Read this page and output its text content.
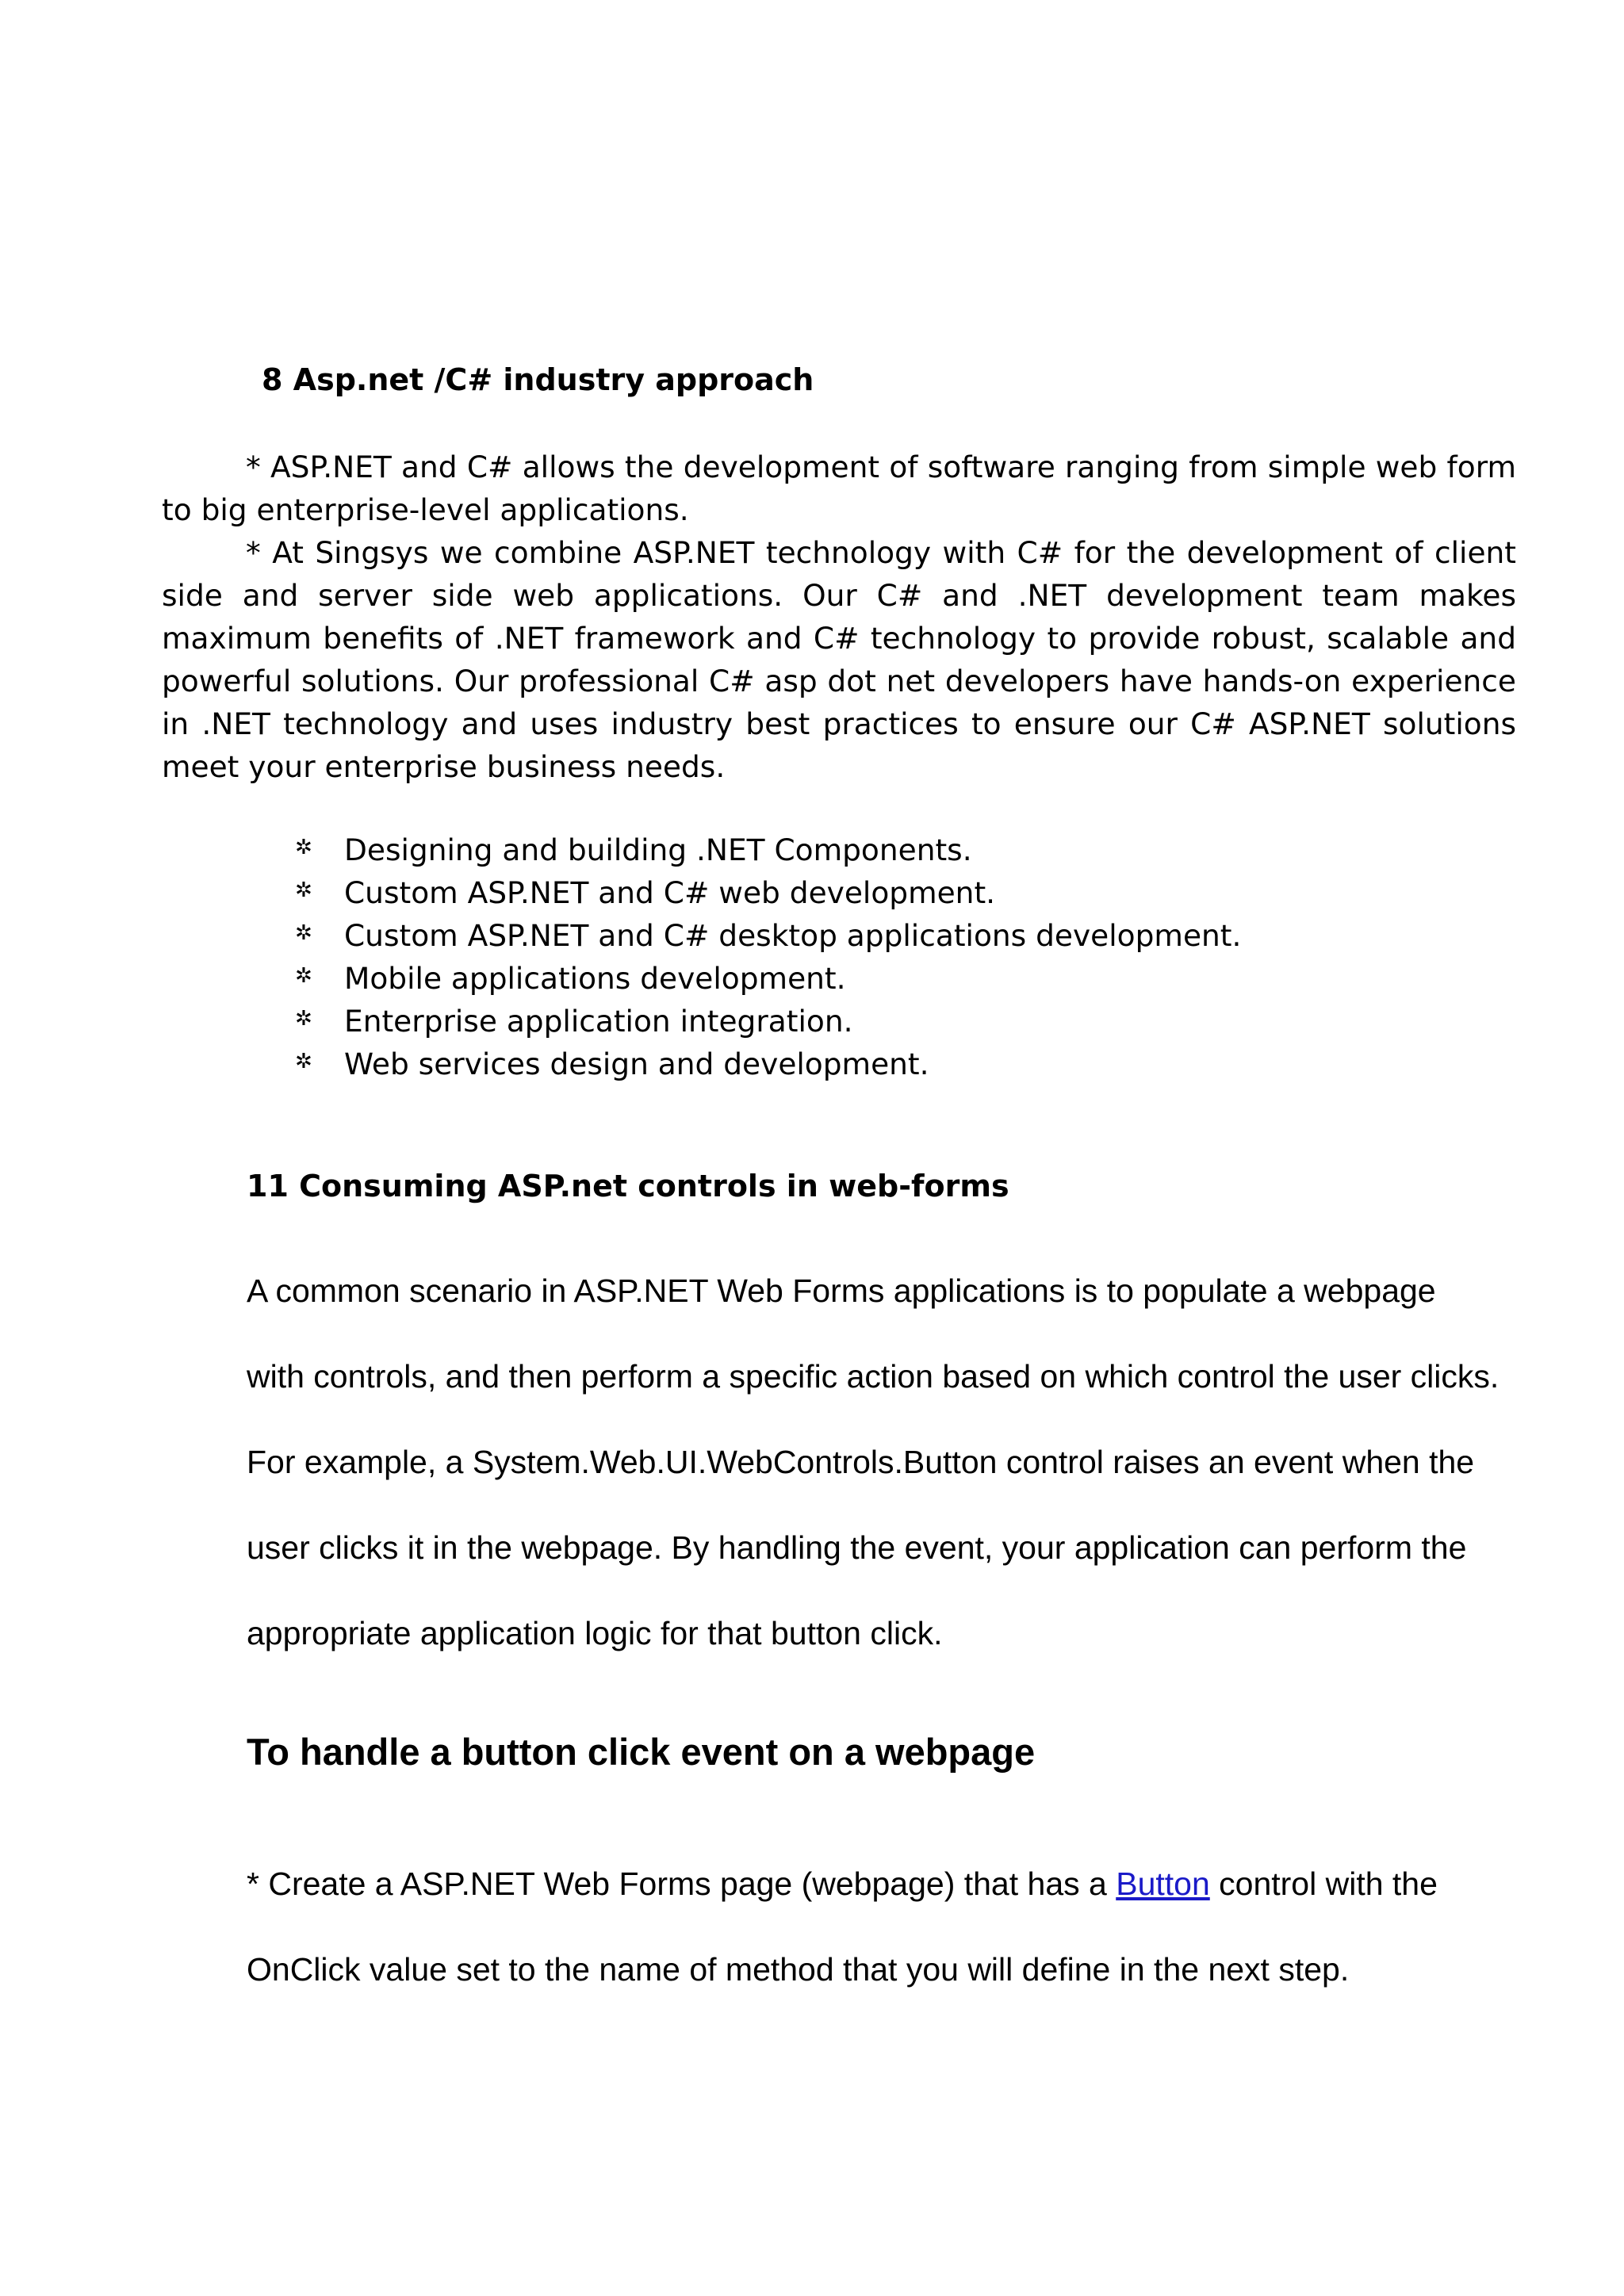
8 Asp.net /C# industry approach

* ASP.NET and C# allows the development of software ranging from simple web form to big enterprise-level applications.

* At Singsys we combine ASP.NET technology with C# for the development of client side and server side web applications. Our C# and .NET development team makes maximum benefits of .NET framework and C# technology to provide robust, scalable and powerful solutions. Our professional C# asp dot net developers have hands-on experience in .NET technology and uses industry best practices to ensure our C# ASP.NET solutions meet your enterprise business needs.

✲ Designing and building .NET Components.
✲ Custom ASP.NET and C# web development.
✲ Custom ASP.NET and C# desktop applications development.
✲ Mobile applications development.
✲ Enterprise application integration.
✲ Web services design and development.
11 Consuming ASP.net controls in web-forms

A common scenario in ASP.NET Web Forms applications is to populate a webpage with controls, and then perform a specific action based on which control the user clicks. For example, a System.Web.UI.WebControls.Button control raises an event when the user clicks it in the webpage. By handling the event, your application can perform the appropriate application logic for that button click.

To handle a button click event on a webpage

* Create a ASP.NET Web Forms page (webpage) that has a Button control with the OnClick value set to the name of method that you will define in the next step.
